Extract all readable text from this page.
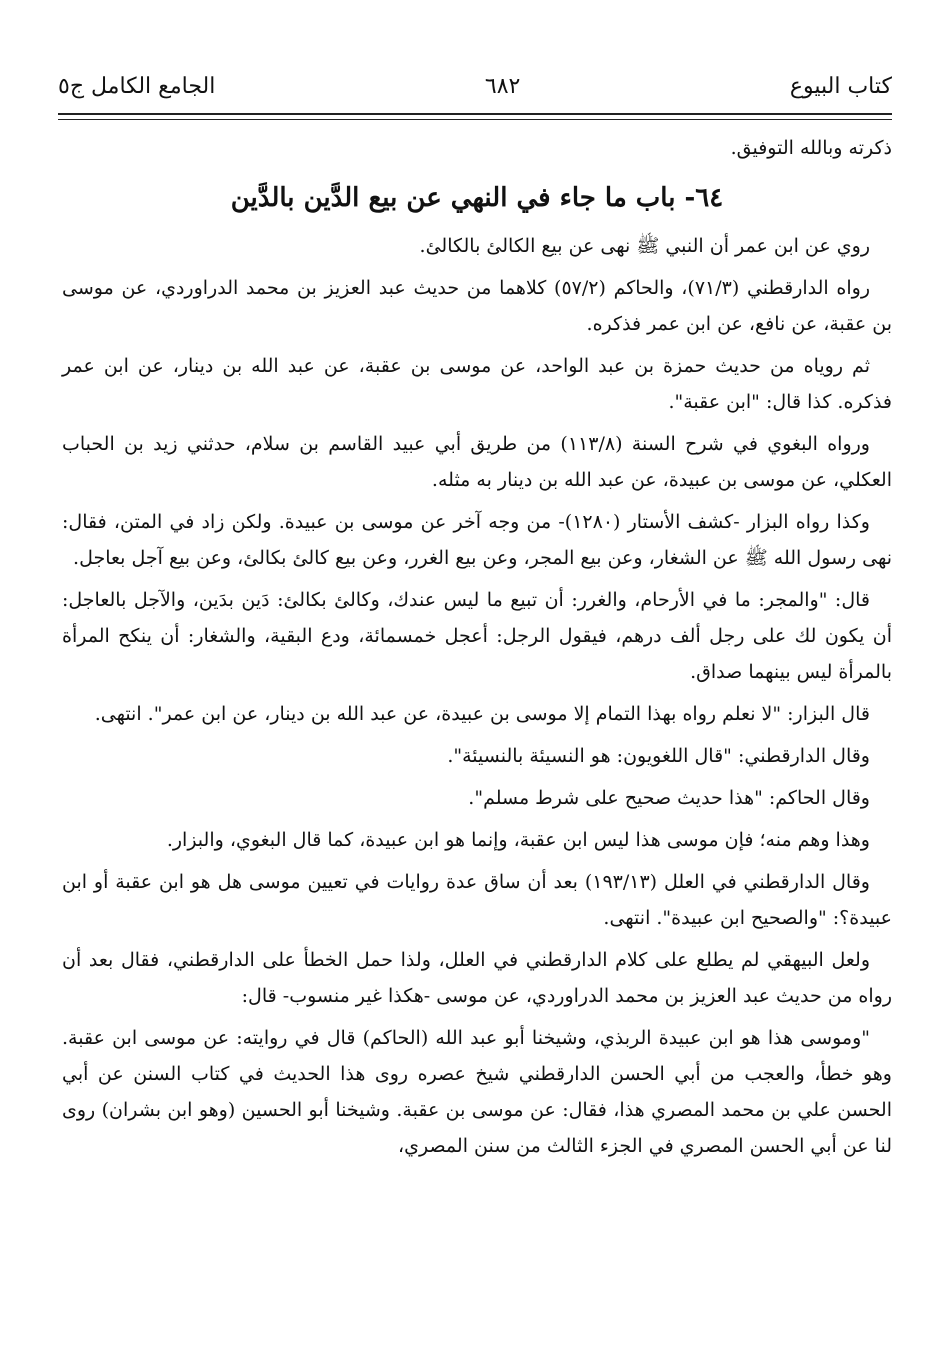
كتاب البيوع
٦٨٢
الجامع الكامل ج٥

ذكرته وبالله التوفيق.

٦٤- باب ما جاء في النهي عن بيع الدَّين بالدَّين

روي عن ابن عمر أن النبي ﷺ نهى عن بيع الكالئ بالكالئ.

رواه الدارقطني (٧١/٣)، والحاكم (٥٧/٢) كلاهما من حديث عبد العزيز بن محمد الدراوردي، عن موسى بن عقبة، عن نافع، عن ابن عمر فذكره.

ثم روياه من حديث حمزة بن عبد الواحد، عن موسى بن عقبة، عن عبد الله بن دينار، عن ابن عمر فذكره. كذا قال: "ابن عقبة".

ورواه البغوي في شرح السنة (١١٣/٨) من طريق أبي عبيد القاسم بن سلام، حدثني زيد بن الحباب العكلي، عن موسى بن عبيدة، عن عبد الله بن دينار به مثله.

وكذا رواه البزار -كشف الأستار (١٢٨٠)- من وجه آخر عن موسى بن عبيدة. ولكن زاد في المتن، فقال: نهى رسول الله ﷺ عن الشغار، وعن بيع المجر، وعن بيع الغرر، وعن بيع كالئ بكالئ، وعن بيع آجل بعاجل.

قال: "والمجر: ما في الأرحام، والغرر: أن تبيع ما ليس عندك، وكالئ بكالئ: دَين بدَين، والآجل بالعاجل: أن يكون لك على رجل ألف درهم، فيقول الرجل: أعجل خمسمائة، ودع البقية، والشغار: أن ينكح المرأة بالمرأة ليس بينهما صداق.

قال البزار: "لا نعلم رواه بهذا التمام إلا موسى بن عبيدة، عن عبد الله بن دينار، عن ابن عمر". انتهى.

وقال الدارقطني: "قال اللغويون: هو النسيئة بالنسيئة".

وقال الحاكم: "هذا حديث صحيح على شرط مسلم".

وهذا وهم منه؛ فإن موسى هذا ليس ابن عقبة، وإنما هو ابن عبيدة، كما قال البغوي، والبزار.

وقال الدارقطني في العلل (١٩٣/١٣) بعد أن ساق عدة روايات في تعيين موسى هل هو ابن عقبة أو ابن عبيدة؟: "والصحيح ابن عبيدة". انتهى.

ولعل البيهقي لم يطلع على كلام الدارقطني في العلل، ولذا حمل الخطأ على الدارقطني، فقال بعد أن رواه من حديث عبد العزيز بن محمد الدراوردي، عن موسى -هكذا غير منسوب- قال:

"وموسى هذا هو ابن عبيدة الربذي، وشيخنا أبو عبد الله (الحاكم) قال في روايته: عن موسى ابن عقبة. وهو خطأ، والعجب من أبي الحسن الدارقطني شيخ عصره روى هذا الحديث في كتاب السنن عن أبي الحسن علي بن محمد المصري هذا، فقال: عن موسى بن عقبة. وشيخنا أبو الحسين (وهو ابن بشران) روى لنا عن أبي الحسن المصري في الجزء الثالث من سنن المصري،
